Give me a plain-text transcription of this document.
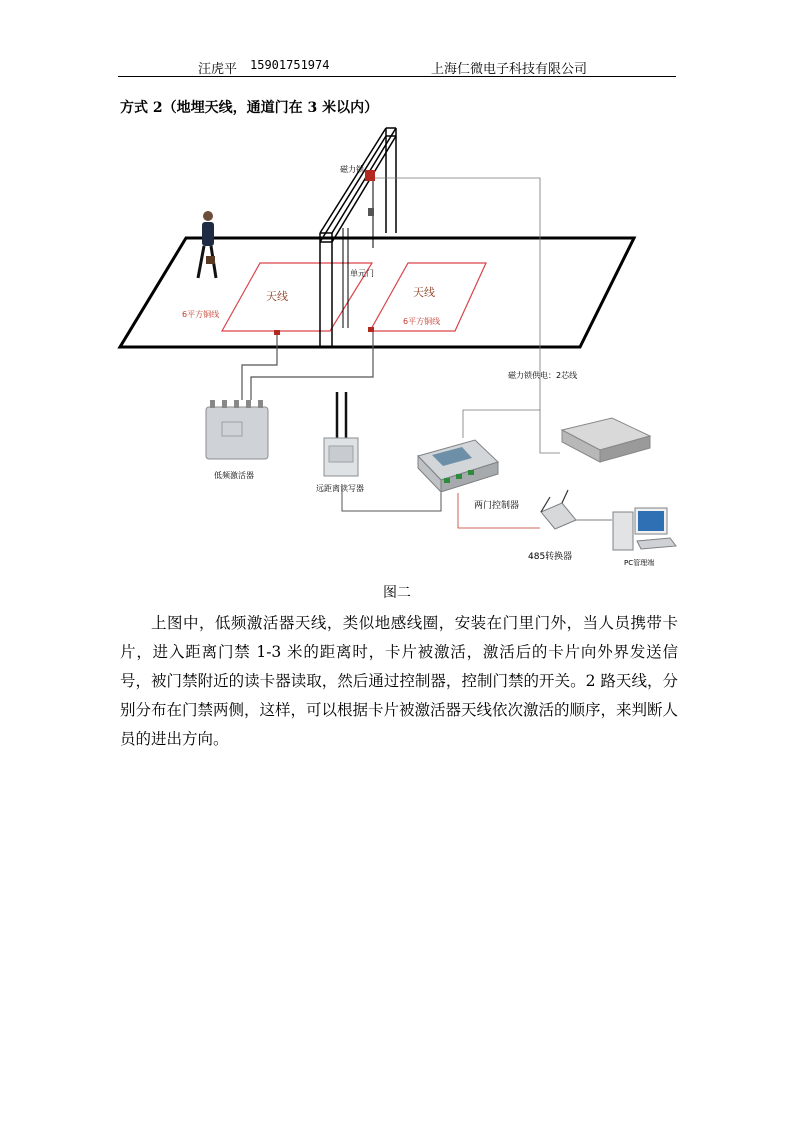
汪虎平 15901751974	上海仁微电子科技有限公司
方式 2（地埋天线，通道门在 3 米以内）
天线
6平方铜线
天线
6平方铜线
磁力锁
单元门
磁力锁供电：2芯线
低频激活器
远距离读写器
两门控制器
485转换器
PC管理端
图二

上图中，低频激活器天线，类似地感线圈，安装在门里门外，当人员携带卡片，进入距离门禁 1-3 米的距离时，卡片被激活，激活后的卡片向外界发送信号，被门禁附近的读卡器读取，然后通过控制器，控制门禁的开关。2 路天线，分别分布在门禁两侧，这样，可以根据卡片被激活器天线依次激活的顺序，来判断人员的进出方向。
